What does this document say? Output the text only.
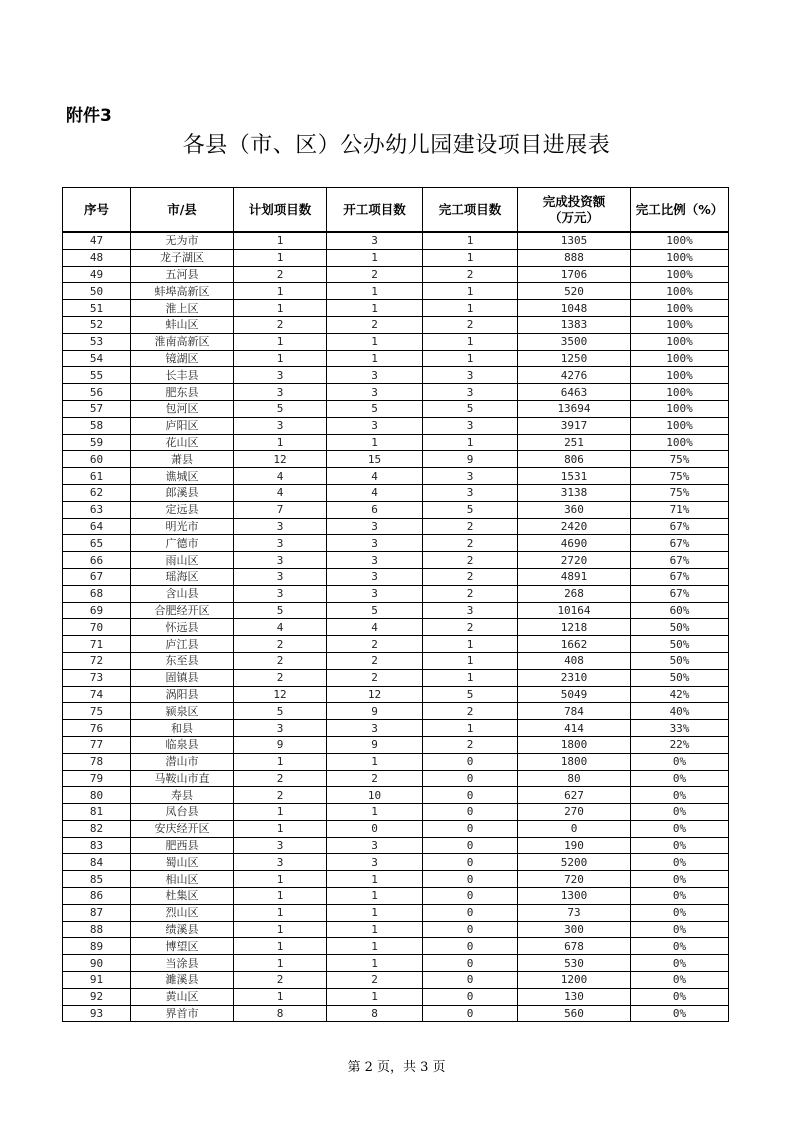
附件3
各县（市、区）公办幼儿园建设项目进展表
序号	市/县	计划项目数	开工项目数	完工项目数	完成投资额
（万元）	完工比例（%）
47	无为市	1	3	1	1305	100%
48	龙子湖区	1	1	1	888	100%
49	五河县	2	2	2	1706	100%
50	蚌埠高新区	1	1	1	520	100%
51	淮上区	1	1	1	1048	100%
52	蚌山区	2	2	2	1383	100%
53	淮南高新区	1	1	1	3500	100%
54	镜湖区	1	1	1	1250	100%
55	长丰县	3	3	3	4276	100%
56	肥东县	3	3	3	6463	100%
57	包河区	5	5	5	13694	100%
58	庐阳区	3	3	3	3917	100%
59	花山区	1	1	1	251	100%
60	萧县	12	15	9	806	75%
61	谯城区	4	4	3	1531	75%
62	郎溪县	4	4	3	3138	75%
63	定远县	7	6	5	360	71%
64	明光市	3	3	2	2420	67%
65	广德市	3	3	2	4690	67%
66	雨山区	3	3	2	2720	67%
67	瑶海区	3	3	2	4891	67%
68	含山县	3	3	2	268	67%
69	合肥经开区	5	5	3	10164	60%
70	怀远县	4	4	2	1218	50%
71	庐江县	2	2	1	1662	50%
72	东至县	2	2	1	408	50%
73	固镇县	2	2	1	2310	50%
74	涡阳县	12	12	5	5049	42%
75	颍泉区	5	9	2	784	40%
76	和县	3	3	1	414	33%
77	临泉县	9	9	2	1800	22%
78	潜山市	1	1	0	1800	0%
79	马鞍山市直	2	2	0	80	0%
80	寿县	2	10	0	627	0%
81	凤台县	1	1	0	270	0%
82	安庆经开区	1	0	0	0	0%
83	肥西县	3	3	0	190	0%
84	蜀山区	3	3	0	5200	0%
85	相山区	1	1	0	720	0%
86	杜集区	1	1	0	1300	0%
87	烈山区	1	1	0	73	0%
88	绩溪县	1	1	0	300	0%
89	博望区	1	1	0	678	0%
90	当涂县	1	1	0	530	0%
91	濉溪县	2	2	0	1200	0%
92	黄山区	1	1	0	130	0%
93	界首市	8	8	0	560	0%
第 2 页，共 3 页
